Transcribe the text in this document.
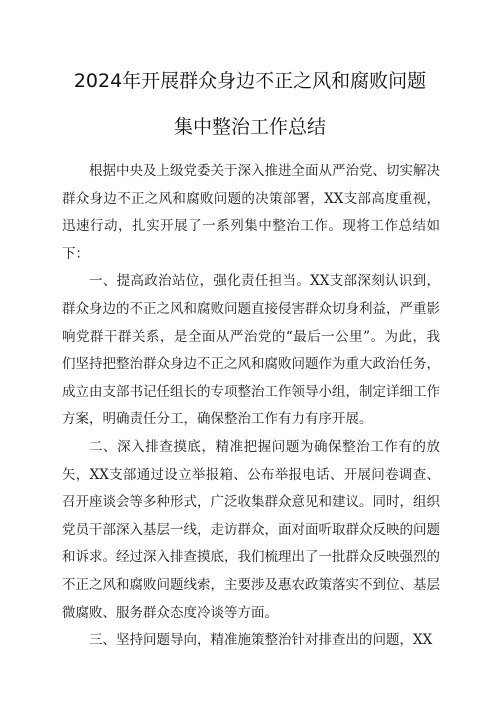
2024年开展群众身边不正之风和腐败问题
集中整治工作总结

根据中央及上级党委关于深入推进全面从严治党、切实解决群众身边不正之风和腐败问题的决策部署，XX支部高度重视，迅速行动，扎实开展了一系列集中整治工作。现将工作总结如下：

一、提高政治站位，强化责任担当。XX支部深刻认识到，群众身边的不正之风和腐败问题直接侵害群众切身利益，严重影响党群干群关系，是全面从严治党的“最后一公里”。为此，我们坚持把整治群众身边不正之风和腐败问题作为重大政治任务，成立由支部书记任组长的专项整治工作领导小组，制定详细工作方案，明确责任分工，确保整治工作有力有序开展。

二、深入排查摸底，精准把握问题为确保整治工作有的放矢，XX支部通过设立举报箱、公布举报电话、开展问卷调查、召开座谈会等多种形式，广泛收集群众意见和建议。同时，组织党员干部深入基层一线，走访群众，面对面听取群众反映的问题和诉求。经过深入排查摸底，我们梳理出了一批群众反映强烈的不正之风和腐败问题线索，主要涉及惠农政策落实不到位、基层微腐败、服务群众态度冷谈等方面。

三、坚持问题导向，精准施策整治针对排查出的问题，XX
